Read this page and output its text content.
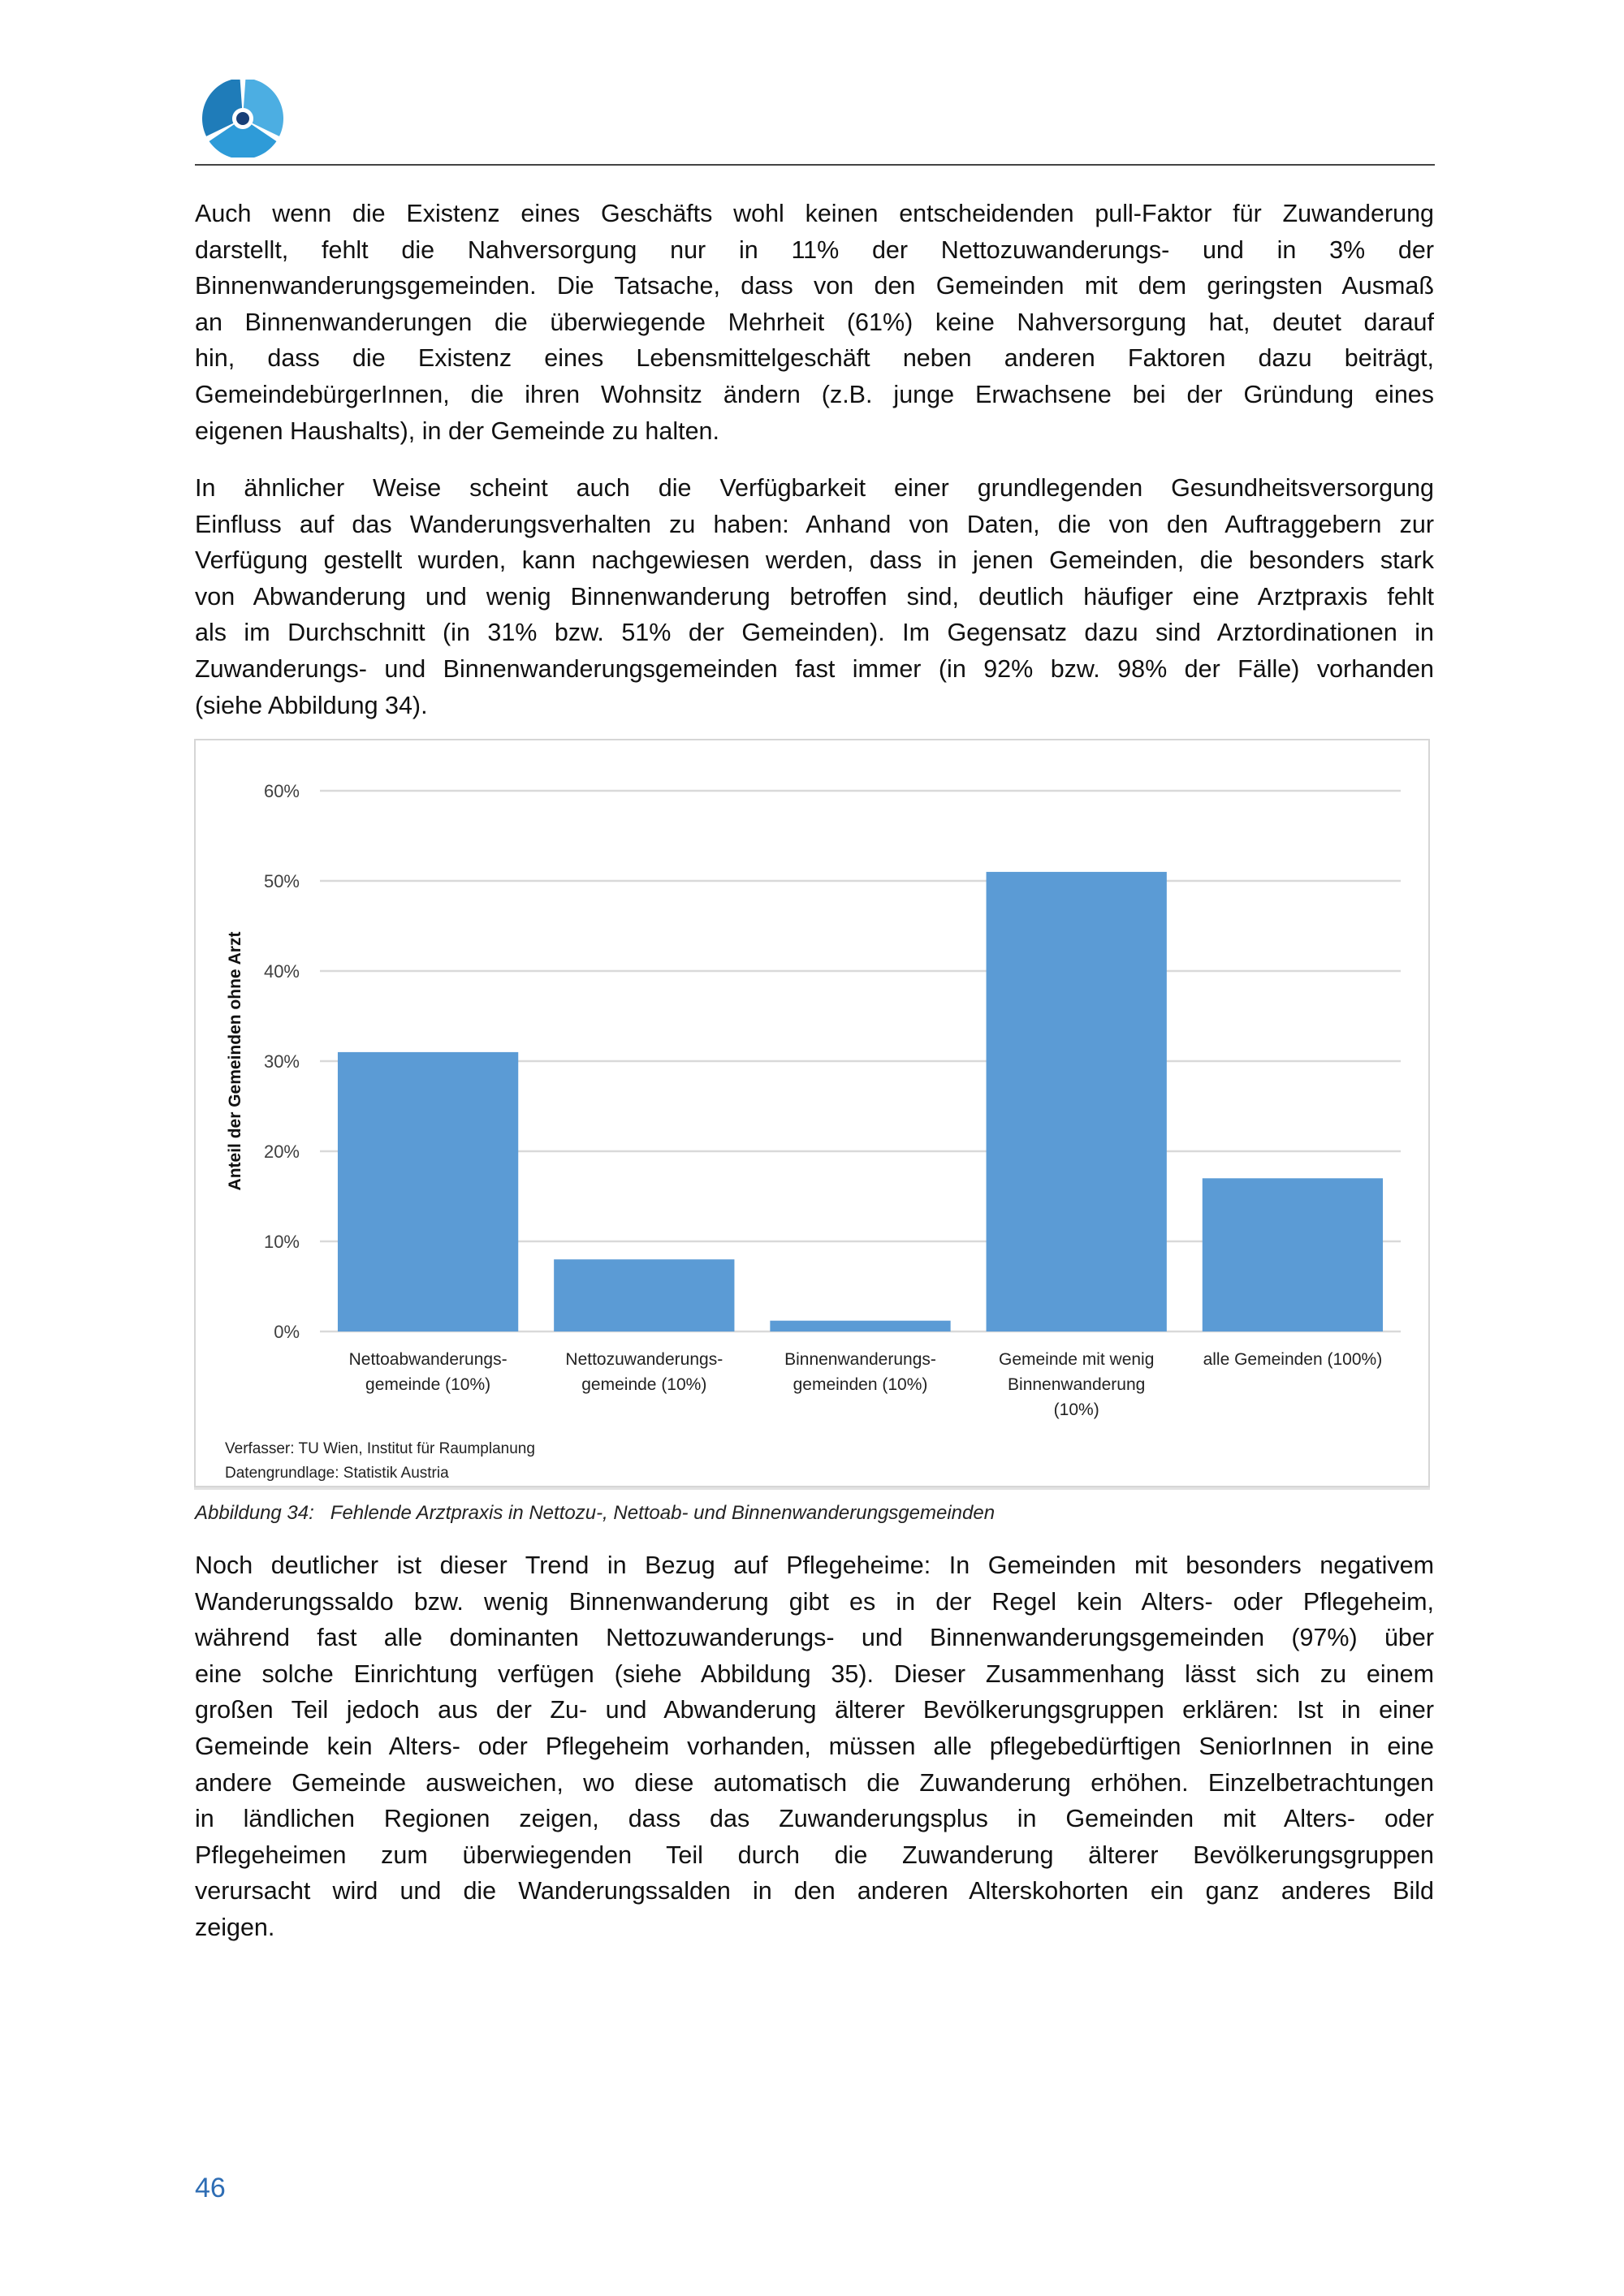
Auch wenn die Existenz eines Geschäfts wohl keinen entscheidenden pull-Faktor für Zuwanderung
darstellt, fehlt die Nahversorgung nur in 11% der Nettozuwanderungs- und in 3% der
Binnenwanderungsgemeinden. Die Tatsache, dass von den Gemeinden mit dem geringsten Ausmaß
an Binnenwanderungen die überwiegende Mehrheit (61%) keine Nahversorgung hat, deutet darauf
hin, dass die Existenz eines Lebensmittelgeschäft neben anderen Faktoren dazu beiträgt,
GemeindebürgerInnen, die ihren Wohnsitz ändern (z.B. junge Erwachsene bei der Gründung eines
eigenen Haushalts), in der Gemeinde zu halten.
In ähnlicher Weise scheint auch die Verfügbarkeit einer grundlegenden Gesundheitsversorgung
Einfluss auf das Wanderungsverhalten zu haben: Anhand von Daten, die von den Auftraggebern zur
Verfügung gestellt wurden, kann nachgewiesen werden, dass in jenen Gemeinden, die besonders stark
von Abwanderung und wenig Binnenwanderung betroffen sind, deutlich häufiger eine Arztpraxis fehlt
als im Durchschnitt (in 31% bzw. 51% der Gemeinden). Im Gegensatz dazu sind Arztordinationen in
Zuwanderungs- und Binnenwanderungsgemeinden fast immer (in 92% bzw. 98% der Fälle) vorhanden
(siehe Abbildung 34).
0%
10%
20%
30%
40%
50%
60%
Anteil der Gemeinden ohne Arzt
Nettoabwanderungs-
gemeinde (10%)
Nettozuwanderungs-
gemeinde (10%)
Binnenwanderungs-
gemeinden (10%)
Gemeinde mit wenig
Binnenwanderung
(10%)
alle Gemeinden (100%)
Verfasser: TU Wien, Institut für Raumplanung
Datengrundlage: Statistik Austria
Abbildung 34:   Fehlende Arztpraxis in Nettozu-, Nettoab- und Binnenwanderungsgemeinden
Noch deutlicher ist dieser Trend in Bezug auf Pflegeheime: In Gemeinden mit besonders negativem
Wanderungssaldo bzw. wenig Binnenwanderung gibt es in der Regel kein Alters- oder Pflegeheim,
während fast alle dominanten Nettozuwanderungs- und Binnenwanderungsgemeinden (97%) über
eine solche Einrichtung verfügen (siehe Abbildung 35). Dieser Zusammenhang lässt sich zu einem
großen Teil jedoch aus der Zu- und Abwanderung älterer Bevölkerungsgruppen erklären: Ist in einer
Gemeinde kein Alters- oder Pflegeheim vorhanden, müssen alle pflegebedürftigen SeniorInnen in eine
andere Gemeinde ausweichen, wo diese automatisch die Zuwanderung erhöhen. Einzelbetrachtungen
in ländlichen Regionen zeigen, dass das Zuwanderungsplus in Gemeinden mit Alters- oder
Pflegeheimen zum überwiegenden Teil durch die Zuwanderung älterer Bevölkerungsgruppen
verursacht wird und die Wanderungssalden in den anderen Alterskohorten ein ganz anderes Bild
zeigen.
46
